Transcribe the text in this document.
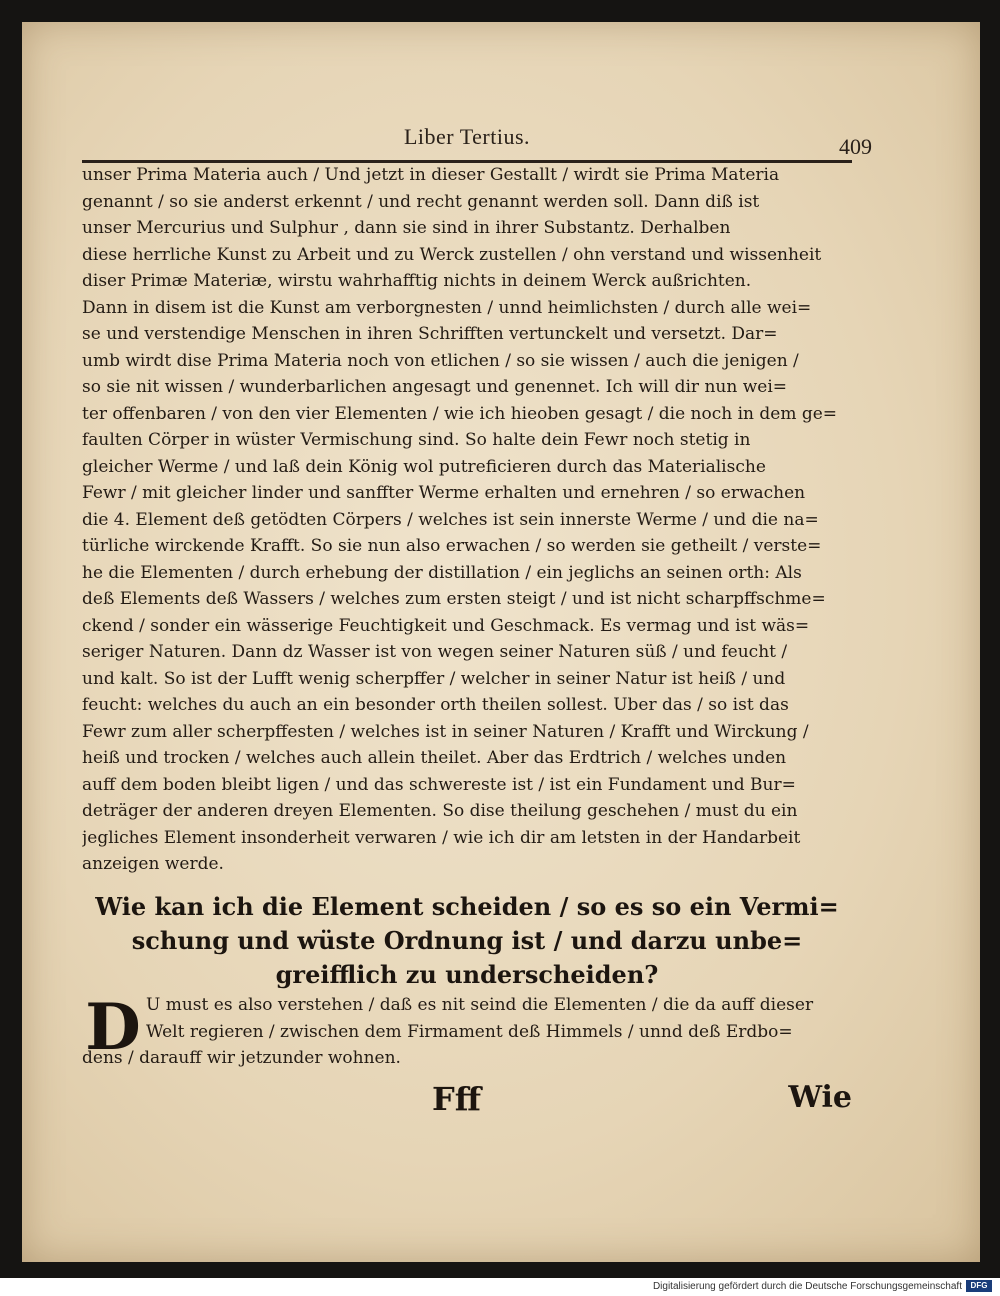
Liber Tertius.	409
unser Prima Materia auch / Und jetzt in dieser Gestallt / wirdt sie Prima Materia
genannt / so sie anderst erkennt / und recht genannt werden soll. Dann diß ist
unser Mercurius und Sulphur , dann sie sind in ihrer Substantz. Derhalben
diese herrliche Kunst zu Arbeit und zu Werck zustellen / ohn verstand und wissenheit
diser Primæ Materiæ, wirstu wahrhafftig nichts in deinem Werck außrichten.
Dann in disem ist die Kunst am verborgnesten / unnd heimlichsten / durch alle wei=
se und verstendige Menschen in ihren Schrifften vertunckelt und versetzt. Dar=
umb wirdt dise Prima Materia noch von etlichen / so sie wissen / auch die jenigen /
so sie nit wissen / wunderbarlichen angesagt und genennet. Ich will dir nun wei=
ter offenbaren / von den vier Elementen / wie ich hieoben gesagt / die noch in dem ge=
faulten Cörper in wüster Vermischung sind. So halte dein Fewr noch stetig in
gleicher Werme / und laß dein König wol putreficieren durch das Materialische
Fewr / mit gleicher linder und sanffter Werme erhalten und ernehren / so erwachen
die 4. Element deß getödten Cörpers / welches ist sein innerste Werme / und die na=
türliche wirckende Krafft. So sie nun also erwachen / so werden sie getheilt / verste=
he die Elementen / durch erhebung der distillation / ein jeglichs an seinen orth: Als
deß Elements deß Wassers / welches zum ersten steigt / und ist nicht scharpffschme=
ckend / sonder ein wässerige Feuchtigkeit und Geschmack. Es vermag und ist wäs=
seriger Naturen. Dann dz Wasser ist von wegen seiner Naturen süß / und feucht /
und kalt. So ist der Lufft wenig scherpffer / welcher in seiner Natur ist heiß / und
feucht: welches du auch an ein besonder orth theilen sollest. Uber das / so ist das
Fewr zum aller scherpffesten / welches ist in seiner Naturen / Krafft und Wirckung /
heiß und trocken / welches auch allein theilet. Aber das Erdtrich / welches unden
auff dem boden bleibt ligen / und das schwereste ist / ist ein Fundament und Bur=
deträger der anderen dreyen Elementen. So dise theilung geschehen / must du ein
jegliches Element insonderheit verwaren / wie ich dir am letsten in der Handarbeit
anzeigen werde.
Wie kan ich die Element scheiden / so es so ein Vermi=
schung und wüste Ordnung ist / und darzu unbe=
greifflich zu underscheiden?
D U must es also verstehen / daß es nit seind die Elementen / die da auff dieser
Welt regieren / zwischen dem Firmament deß Himmels / unnd deß Erdbo=
dens / darauff wir jetzunder wohnen.
Fff	Wie
Digitalisierung gefördert durch die Deutsche Forschungsgemeinschaft	DFG
